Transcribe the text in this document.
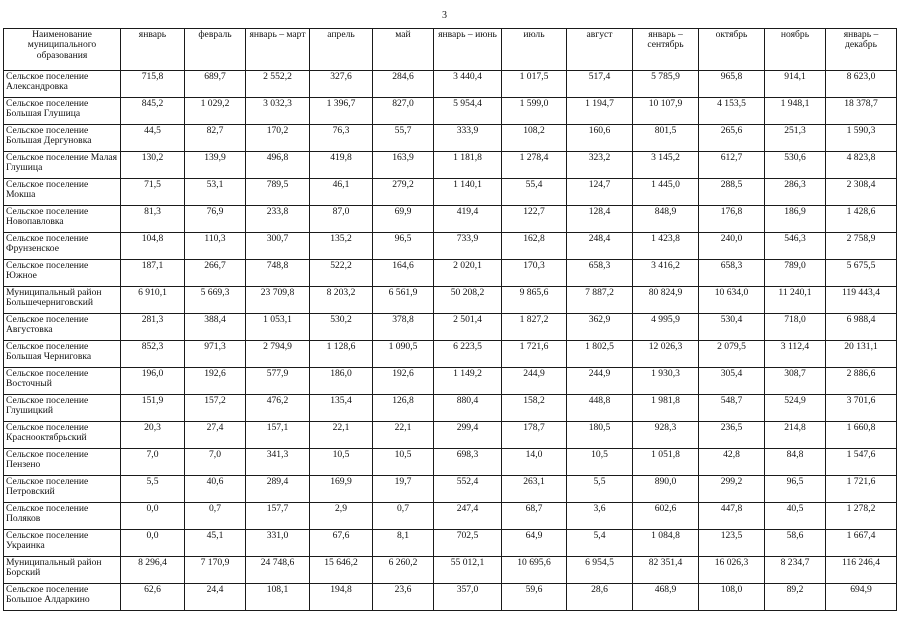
3
Наименование муниципального образования	январь	февраль	январь – март	апрель	май	январь – июнь	июль	август	январь – сентябрь	октябрь	ноябрь	январь – декабрь
Сельское поселение Александровка	715,8	689,7	2 552,2	327,6	284,6	3 440,4	1 017,5	517,4	5 785,9	965,8	914,1	8 623,0
Сельское поселение Большая Глушица	845,2	1 029,2	3 032,3	1 396,7	827,0	5 954,4	1 599,0	1 194,7	10 107,9	4 153,5	1 948,1	18 378,7
Сельское поселение Большая Дергуновка	44,5	82,7	170,2	76,3	55,7	333,9	108,2	160,6	801,5	265,6	251,3	1 590,3
Сельское поселение Малая Глушица	130,2	139,9	496,8	419,8	163,9	1 181,8	1 278,4	323,2	3 145,2	612,7	530,6	4 823,8
Сельское поселение Мокша	71,5	53,1	789,5	46,1	279,2	1 140,1	55,4	124,7	1 445,0	288,5	286,3	2 308,4
Сельское поселение Новопавловка	81,3	76,9	233,8	87,0	69,9	419,4	122,7	128,4	848,9	176,8	186,9	1 428,6
Сельское поселение Фрунзенское	104,8	110,3	300,7	135,2	96,5	733,9	162,8	248,4	1 423,8	240,0	546,3	2 758,9
Сельское поселение Южное	187,1	266,7	748,8	522,2	164,6	2 020,1	170,3	658,3	3 416,2	658,3	789,0	5 675,5
Муниципальный район Большечерниговский	6 910,1	5 669,3	23 709,8	8 203,2	6 561,9	50 208,2	9 865,6	7 887,2	80 824,9	10 634,0	11 240,1	119 443,4
Сельское поселение Августовка	281,3	388,4	1 053,1	530,2	378,8	2 501,4	1 827,2	362,9	4 995,9	530,4	718,0	6 988,4
Сельское поселение Большая Черниговка	852,3	971,3	2 794,9	1 128,6	1 090,5	6 223,5	1 721,6	1 802,5	12 026,3	2 079,5	3 112,4	20 131,1
Сельское поселение Восточный	196,0	192,6	577,9	186,0	192,6	1 149,2	244,9	244,9	1 930,3	305,4	308,7	2 886,6
Сельское поселение Глушицкий	151,9	157,2	476,2	135,4	126,8	880,4	158,2	448,8	1 981,8	548,7	524,9	3 701,6
Сельское поселение Краснооктябрьский	20,3	27,4	157,1	22,1	22,1	299,4	178,7	180,5	928,3	236,5	214,8	1 660,8
Сельское поселение Пензено	7,0	7,0	341,3	10,5	10,5	698,3	14,0	10,5	1 051,8	42,8	84,8	1 547,6
Сельское поселение Петровский	5,5	40,6	289,4	169,9	19,7	552,4	263,1	5,5	890,0	299,2	96,5	1 721,6
Сельское поселение Поляков	0,0	0,7	157,7	2,9	0,7	247,4	68,7	3,6	602,6	447,8	40,5	1 278,2
Сельское поселение Украинка	0,0	45,1	331,0	67,6	8,1	702,5	64,9	5,4	1 084,8	123,5	58,6	1 667,4
Муниципальный район Борский	8 296,4	7 170,9	24 748,6	15 646,2	6 260,2	55 012,1	10 695,6	6 954,5	82 351,4	16 026,3	8 234,7	116 246,4
Сельское поселение Большое Алдаркино	62,6	24,4	108,1	194,8	23,6	357,0	59,6	28,6	468,9	108,0	89,2	694,9
